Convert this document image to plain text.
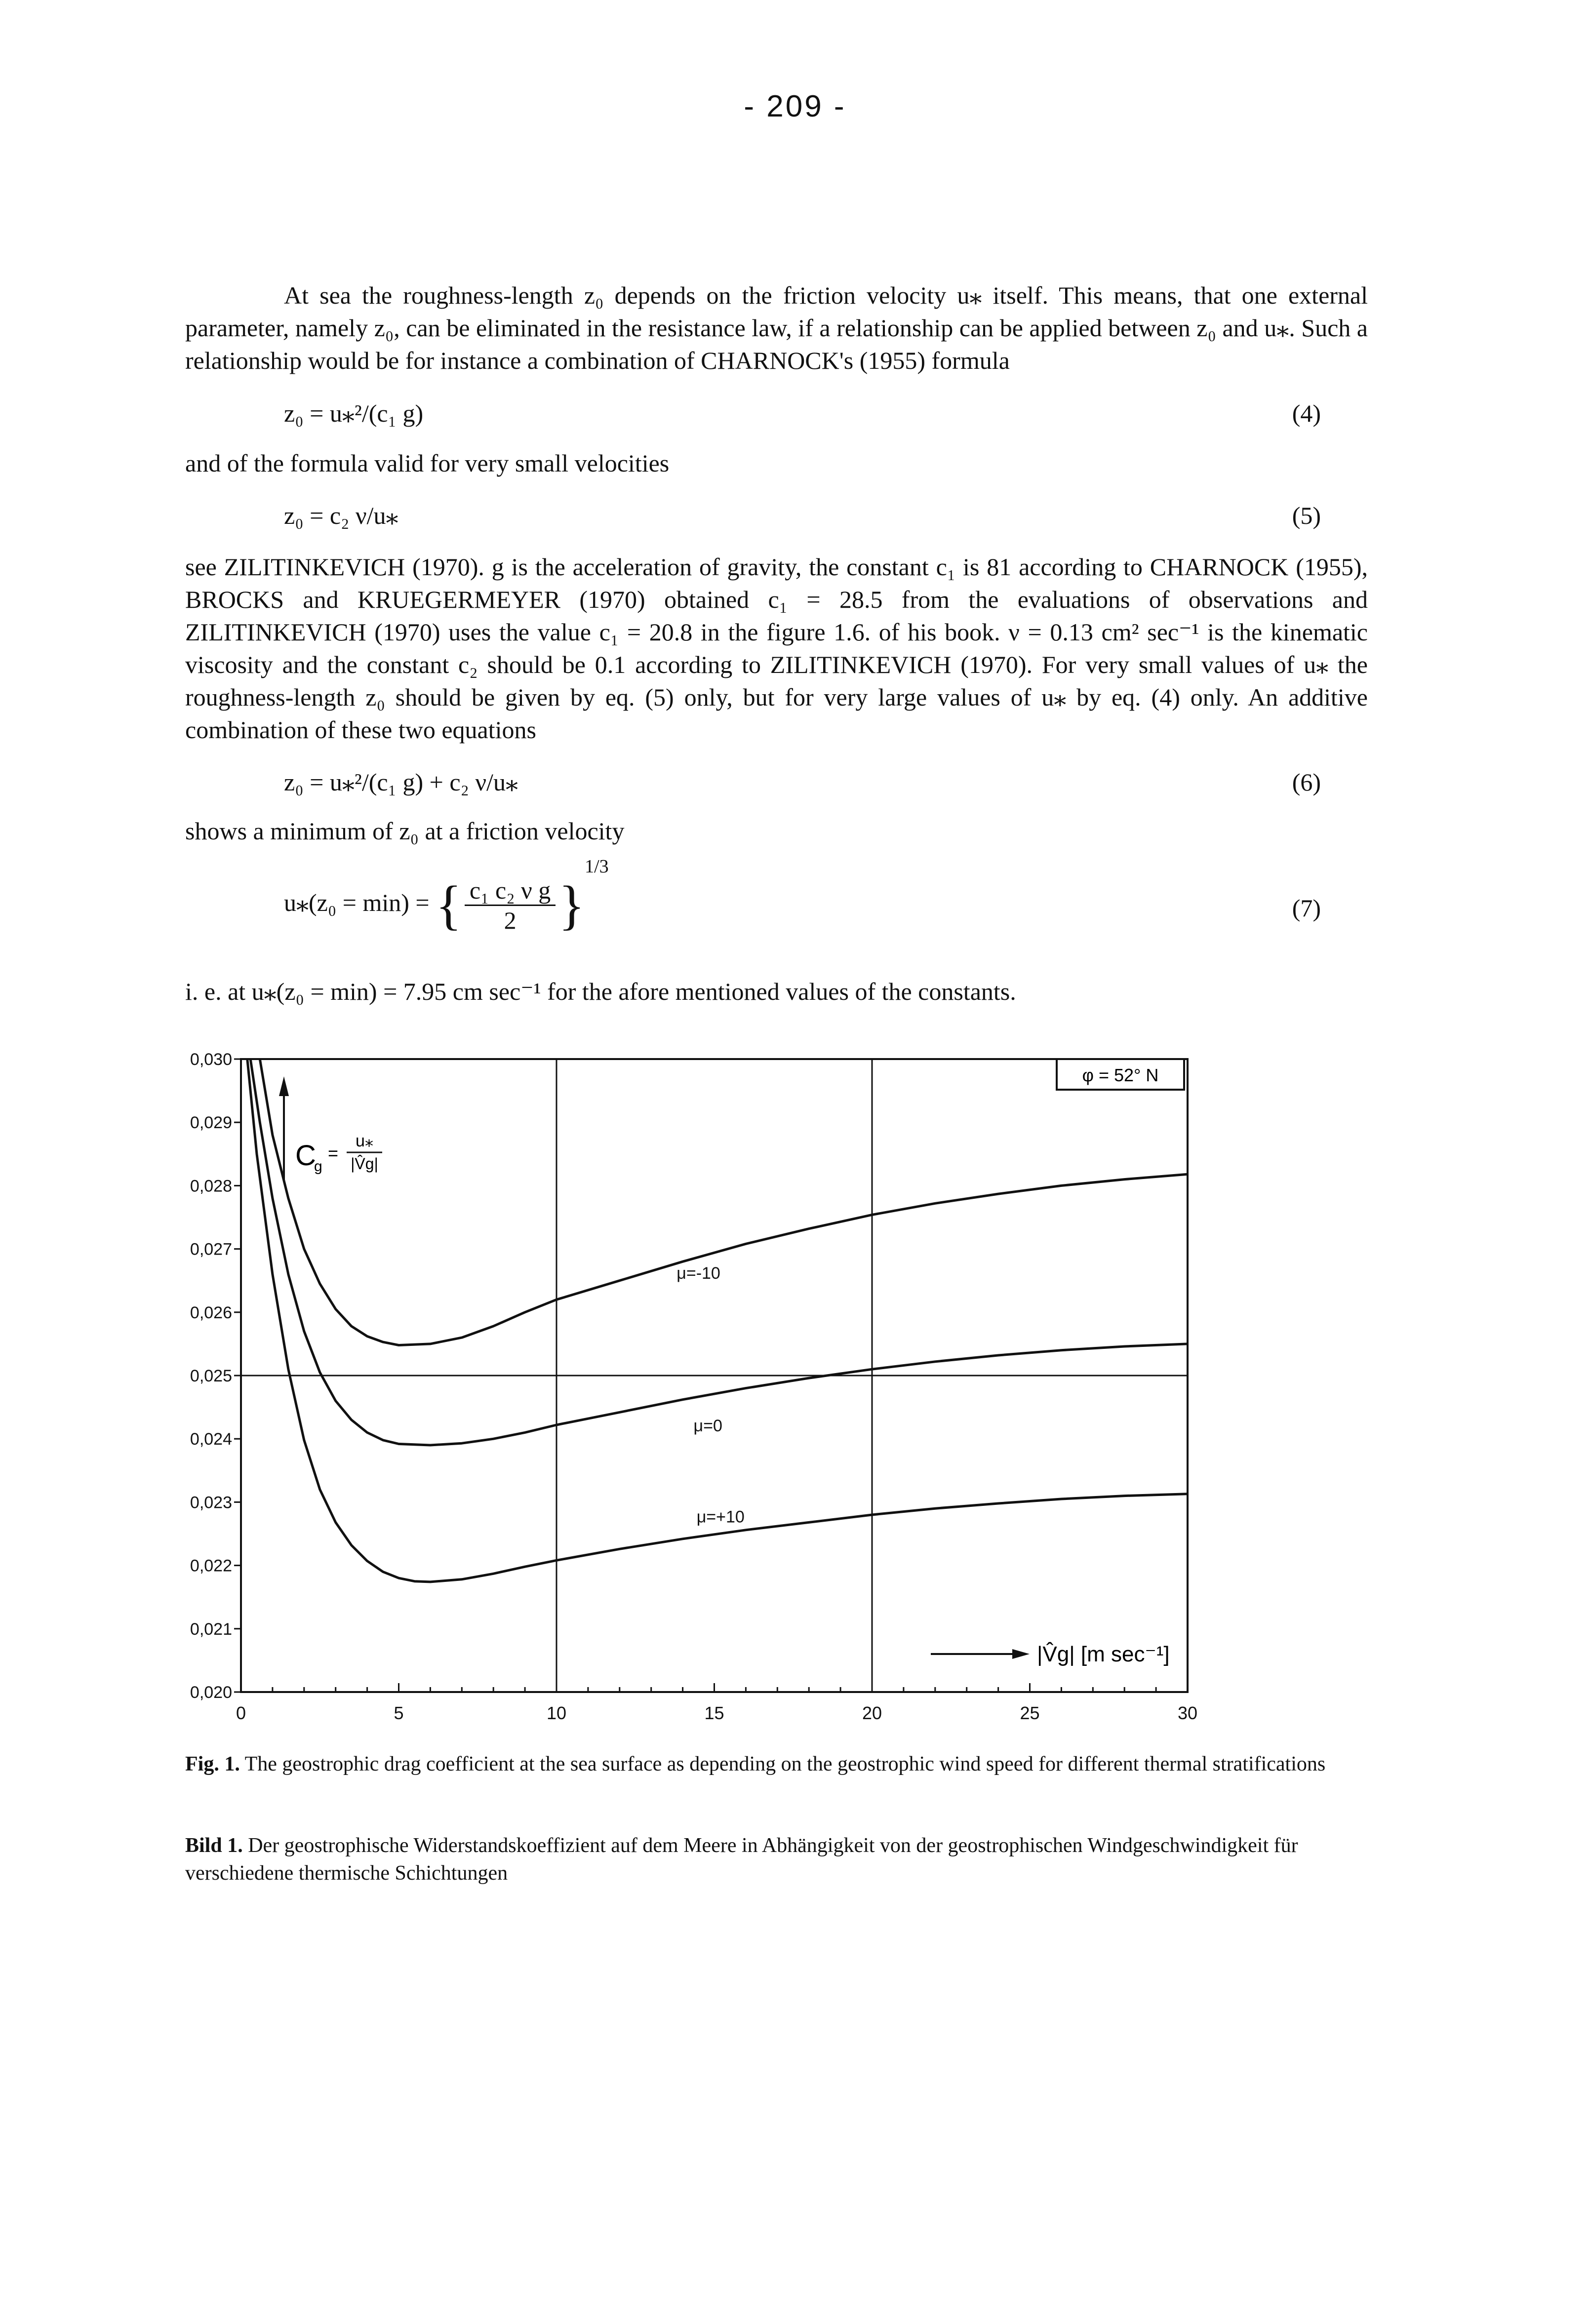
- 209 -
At sea the roughness-length z₀ depends on the friction velocity u⁎ itself. This means, that one external parameter, namely z₀, can be eliminated in the resistance law, if a relationship can be applied between z₀ and u⁎. Such a relationship would be for instance a combination of CHARNOCK's (1955) formula
z₀ = u⁎²/(c₁ g)	(4)
and of the formula valid for very small velocities
z₀ = c₂ ν/u⁎	(5)
see ZILITINKEVICH (1970). g is the acceleration of gravity, the constant c₁ is 81 according to CHARNOCK (1955), BROCKS and KRUEGERMEYER (1970) obtained c₁ = 28.5 from the evaluations of observations and ZILITINKEVICH (1970) uses the value c₁ = 20.8 in the figure 1.6. of his book. ν = 0.13 cm² sec⁻¹ is the kinematic viscosity and the constant c₂ should be 0.1 according to ZILITINKEVICH (1970). For very small values of u⁎ the roughness-length z₀ should be given by eq. (5) only, but for very large values of u⁎ by eq. (4) only. An additive combination of these two equations
z₀ = u⁎²/(c₁ g) + c₂ ν/u⁎	(6)
shows a minimum of z₀ at a friction velocity
u⁎(z₀ = min) = { $\frac{\text{c₁ c₂ ν g}}{2} \}^{1/3}$
(7)
i. e. at u⁎(z₀ = min) = 7.95 cm sec⁻¹ for the afore mentioned values of the constants.
0,020
0,021
0,022
0,023
0,024
0,025
0,026
0,027
0,028
0,029
0,030
0	5	10	15	20	25	30
μ=-10
μ=0
μ=+10
φ = 52° N
C
g
=
u⁎
|V̂g|
|V̂g| [m sec⁻¹]
Fig. 1. The geostrophic drag coefficient at the sea surface as depending on the geostrophic wind speed for different thermal stratifications
Bild 1. Der geostrophische Widerstandskoeffizient auf dem Meere in Abhängigkeit von der geostrophischen Windgeschwindigkeit für verschiedene thermische Schichtungen
